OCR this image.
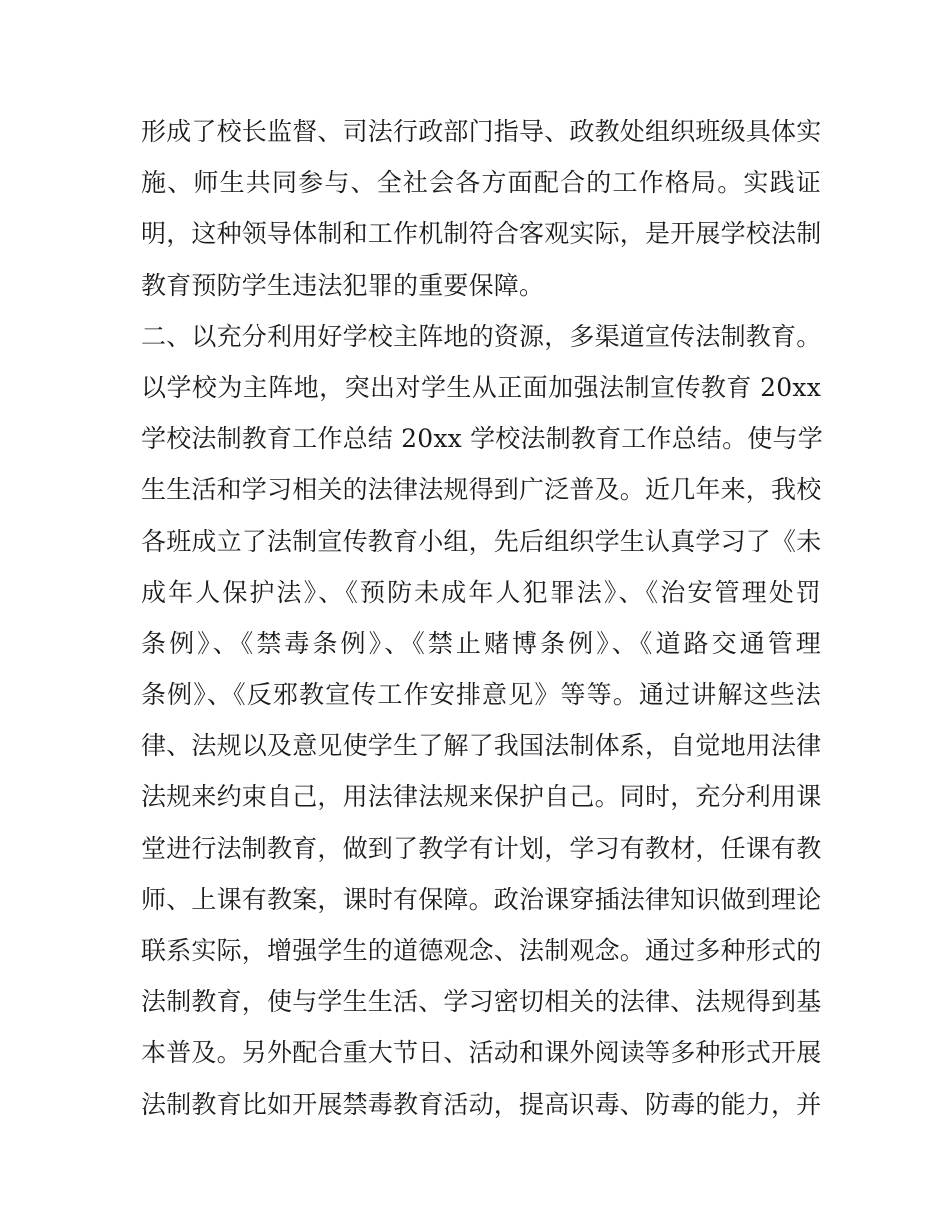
形成了校长监督、司法行政部门指导、政教处组织班级具体实
施、师生共同参与、全社会各方面配合的工作格局。实践证
明，这种领导体制和工作机制符合客观实际，是开展学校法制
教育预防学生违法犯罪的重要保障。
二、以充分利用好学校主阵地的资源，多渠道宣传法制教育。
以学校为主阵地，突出对学生从正面加强法制宣传教育 20xx
学校法制教育工作总结 20xx 学校法制教育工作总结。使与学
生生活和学习相关的法律法规得到广泛普及。近几年来，我校
各班成立了法制宣传教育小组，先后组织学生认真学习了《未
成年人保护法》、《预防未成年人犯罪法》、《治安管理处罚
条例》、《禁毒条例》、《禁止赌博条例》、《道路交通管理
条例》、《反邪教宣传工作安排意见》等等。通过讲解这些法
律、法规以及意见使学生了解了我国法制体系，自觉地用法律
法规来约束自己，用法律法规来保护自己。同时，充分利用课
堂进行法制教育，做到了教学有计划，学习有教材，任课有教
师、上课有教案，课时有保障。政治课穿插法律知识做到理论
联系实际，增强学生的道德观念、法制观念。通过多种形式的
法制教育，使与学生生活、学习密切相关的法律、法规得到基
本普及。另外配合重大节日、活动和课外阅读等多种形式开展
法制教育比如开展禁毒教育活动，提高识毒、防毒的能力，并
